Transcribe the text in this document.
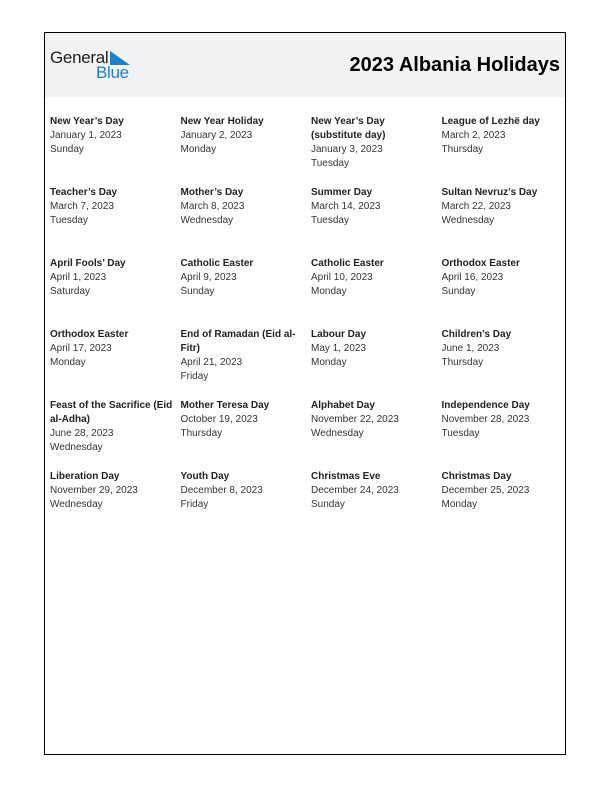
General
Blue	2023 Albania Holidays
New Year’s Day
January 1, 2023
Sunday
New Year Holiday
January 2, 2023
Monday
New Year’s Day (substitute day)
January 3, 2023
Tuesday
League of Lezhë day
March 2, 2023
Thursday
Teacher’s Day
March 7, 2023
Tuesday
Mother’s Day
March 8, 2023
Wednesday
Summer Day
March 14, 2023
Tuesday
Sultan Nevruz’s Day
March 22, 2023
Wednesday
April Fools’ Day
April 1, 2023
Saturday
Catholic Easter
April 9, 2023
Sunday
Catholic Easter
April 10, 2023
Monday
Orthodox Easter
April 16, 2023
Sunday
Orthodox Easter
April 17, 2023
Monday
End of Ramadan (Eid al-Fitr)
April 21, 2023
Friday
Labour Day
May 1, 2023
Monday
Children’s Day
June 1, 2023
Thursday
Feast of the Sacrifice (Eid al-Adha)
June 28, 2023
Wednesday
Mother Teresa Day
October 19, 2023
Thursday
Alphabet Day
November 22, 2023
Wednesday
Independence Day
November 28, 2023
Tuesday
Liberation Day
November 29, 2023
Wednesday
Youth Day
December 8, 2023
Friday
Christmas Eve
December 24, 2023
Sunday
Christmas Day
December 25, 2023
Monday
